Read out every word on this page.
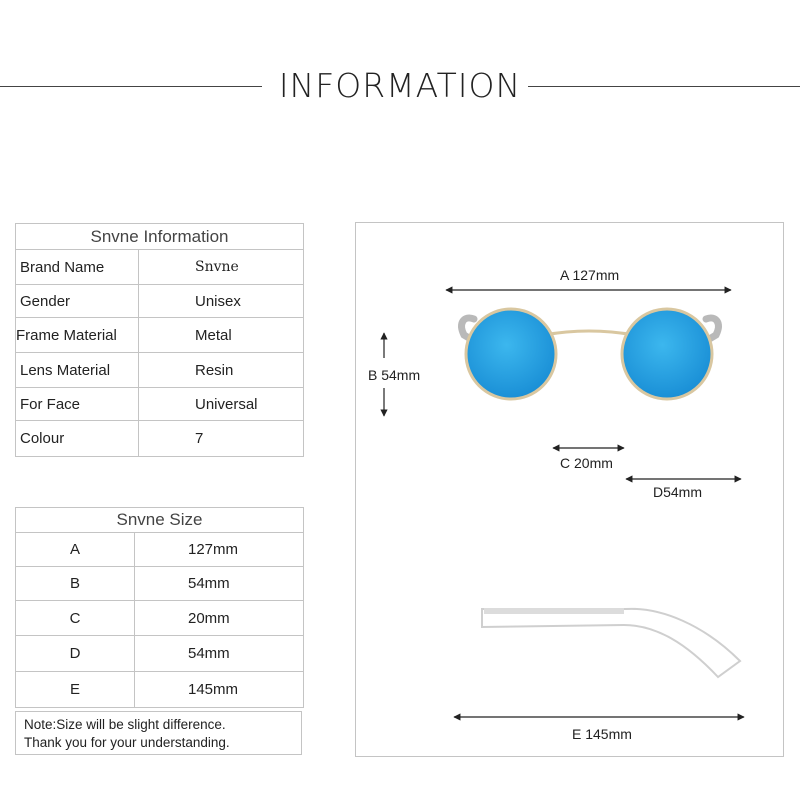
INFORMATION
Snvne Information	
Brand Name	Snvne
Gender	Unisex
Frame Material	Metal
Lens Material	Resin
For Face	Universal
Colour	7
Snvne Size	
A	127mm
B	54mm
C	20mm
D	54mm
E	145mm
Note:Size will be slight difference.
Thank you for your understanding.
A 127mm
B 54mm
C 20mm
D54mm
E 145mm
